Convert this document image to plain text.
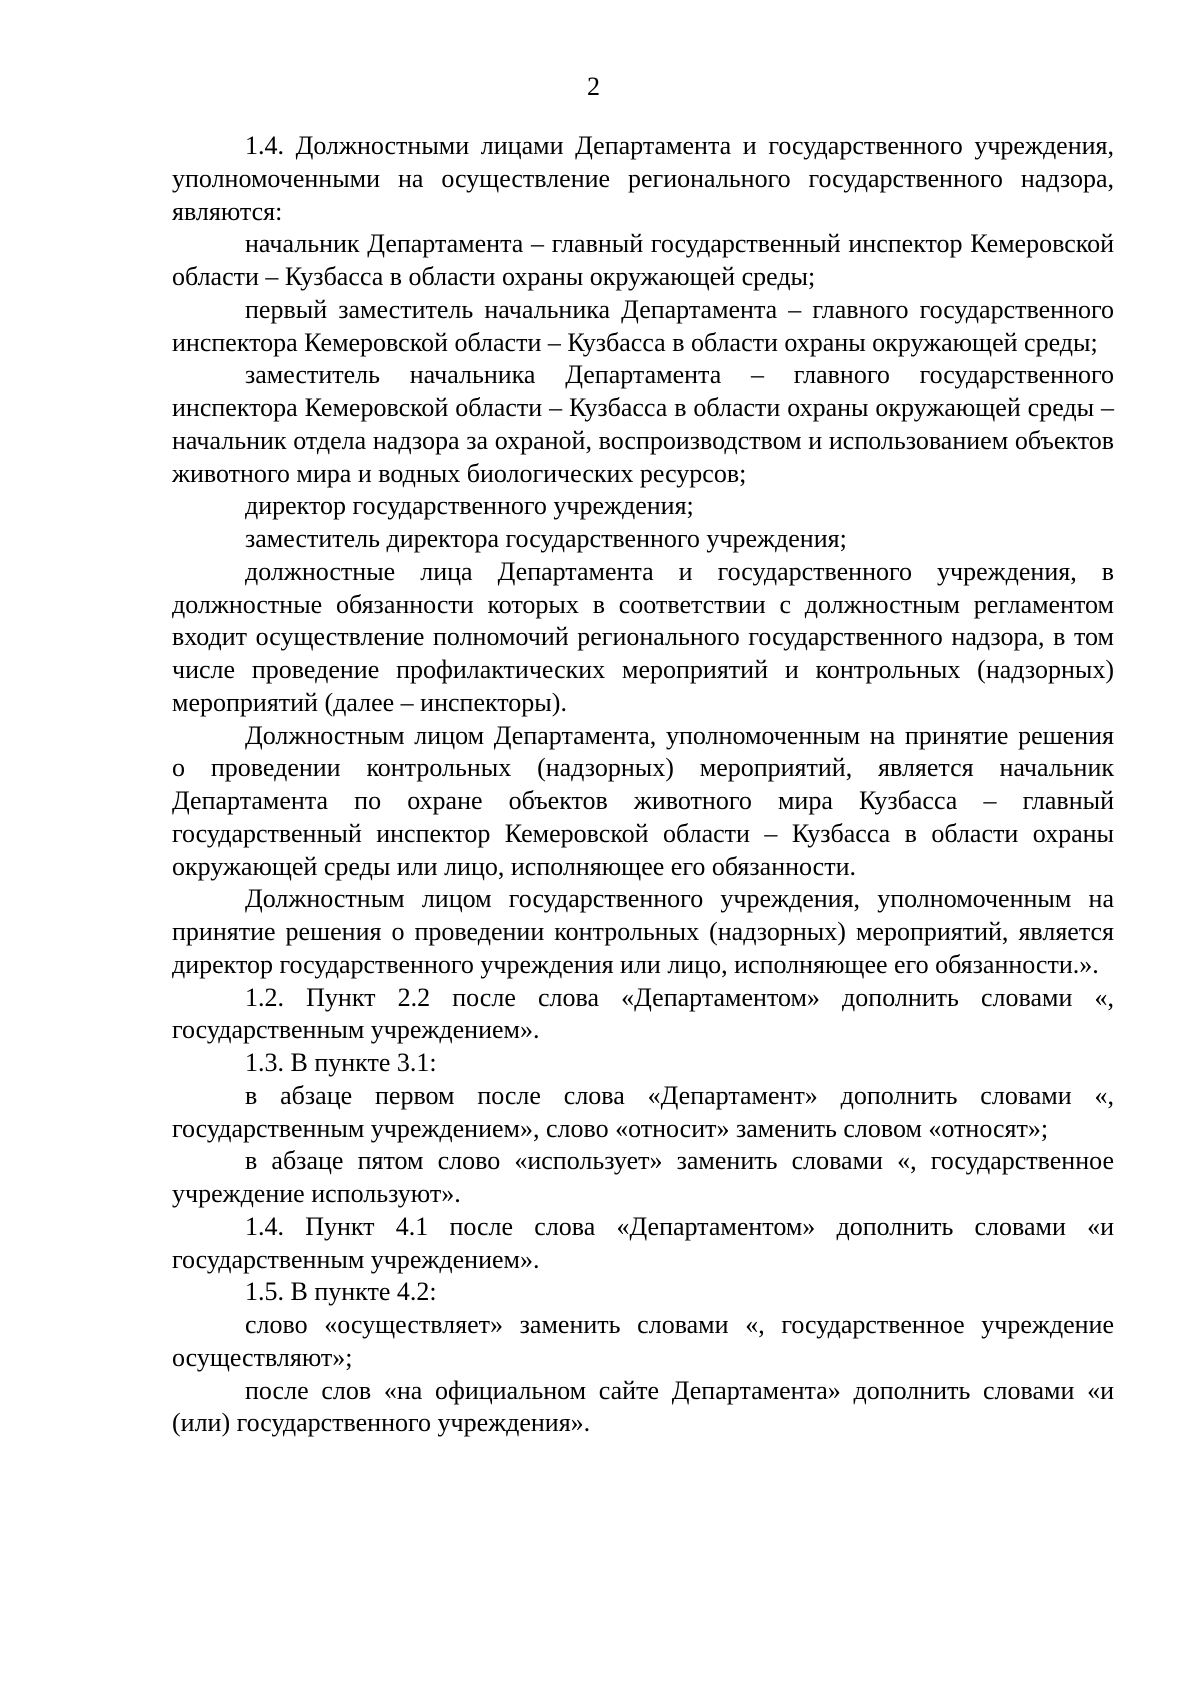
2

1.4. Должностными лицами Департамента и государственного учреждения, уполномоченными на осуществление регионального государственного надзора, являются:

начальник Департамента – главный государственный инспектор Кемеровской области – Кузбасса в области охраны окружающей среды;

первый заместитель начальника Департамента – главного государственного инспектора Кемеровской области – Кузбасса в области охраны окружающей среды;

заместитель начальника Департамента – главного государственного инспектора Кемеровской области – Кузбасса в области охраны окружающей среды – начальник отдела надзора за охраной, воспроизводством и использованием объектов животного мира и водных биологических ресурсов;

директор государственного учреждения;

заместитель директора государственного учреждения;

должностные лица Департамента и государственного учреждения, в должностные обязанности которых в соответствии с должностным регламентом входит осуществление полномочий регионального государственного надзора, в том числе проведение профилактических мероприятий и контрольных (надзорных) мероприятий (далее – инспекторы).

Должностным лицом Департамента, уполномоченным на принятие решения о проведении контрольных (надзорных) мероприятий, является начальник Департамента по охране объектов животного мира Кузбасса – главный государственный инспектор Кемеровской области – Кузбасса в области охраны окружающей среды или лицо, исполняющее его обязанности.

Должностным лицом государственного учреждения, уполномоченным на принятие решения о проведении контрольных (надзорных) мероприятий, является директор государственного учреждения или лицо, исполняющее его обязанности.».

1.2. Пункт 2.2 после слова «Департаментом» дополнить словами «, государственным учреждением».

1.3. В пункте 3.1:

в абзаце первом после слова «Департамент» дополнить словами «, государственным учреждением», слово «относит» заменить словом «относят»;

в абзаце пятом слово «использует» заменить словами «, государственное учреждение используют».

1.4. Пункт 4.1 после слова «Департаментом» дополнить словами «и государственным учреждением».

1.5. В пункте 4.2:

слово «осуществляет» заменить словами «, государственное учреждение осуществляют»;

после слов «на официальном сайте Департамента» дополнить словами «и (или) государственного учреждения».
